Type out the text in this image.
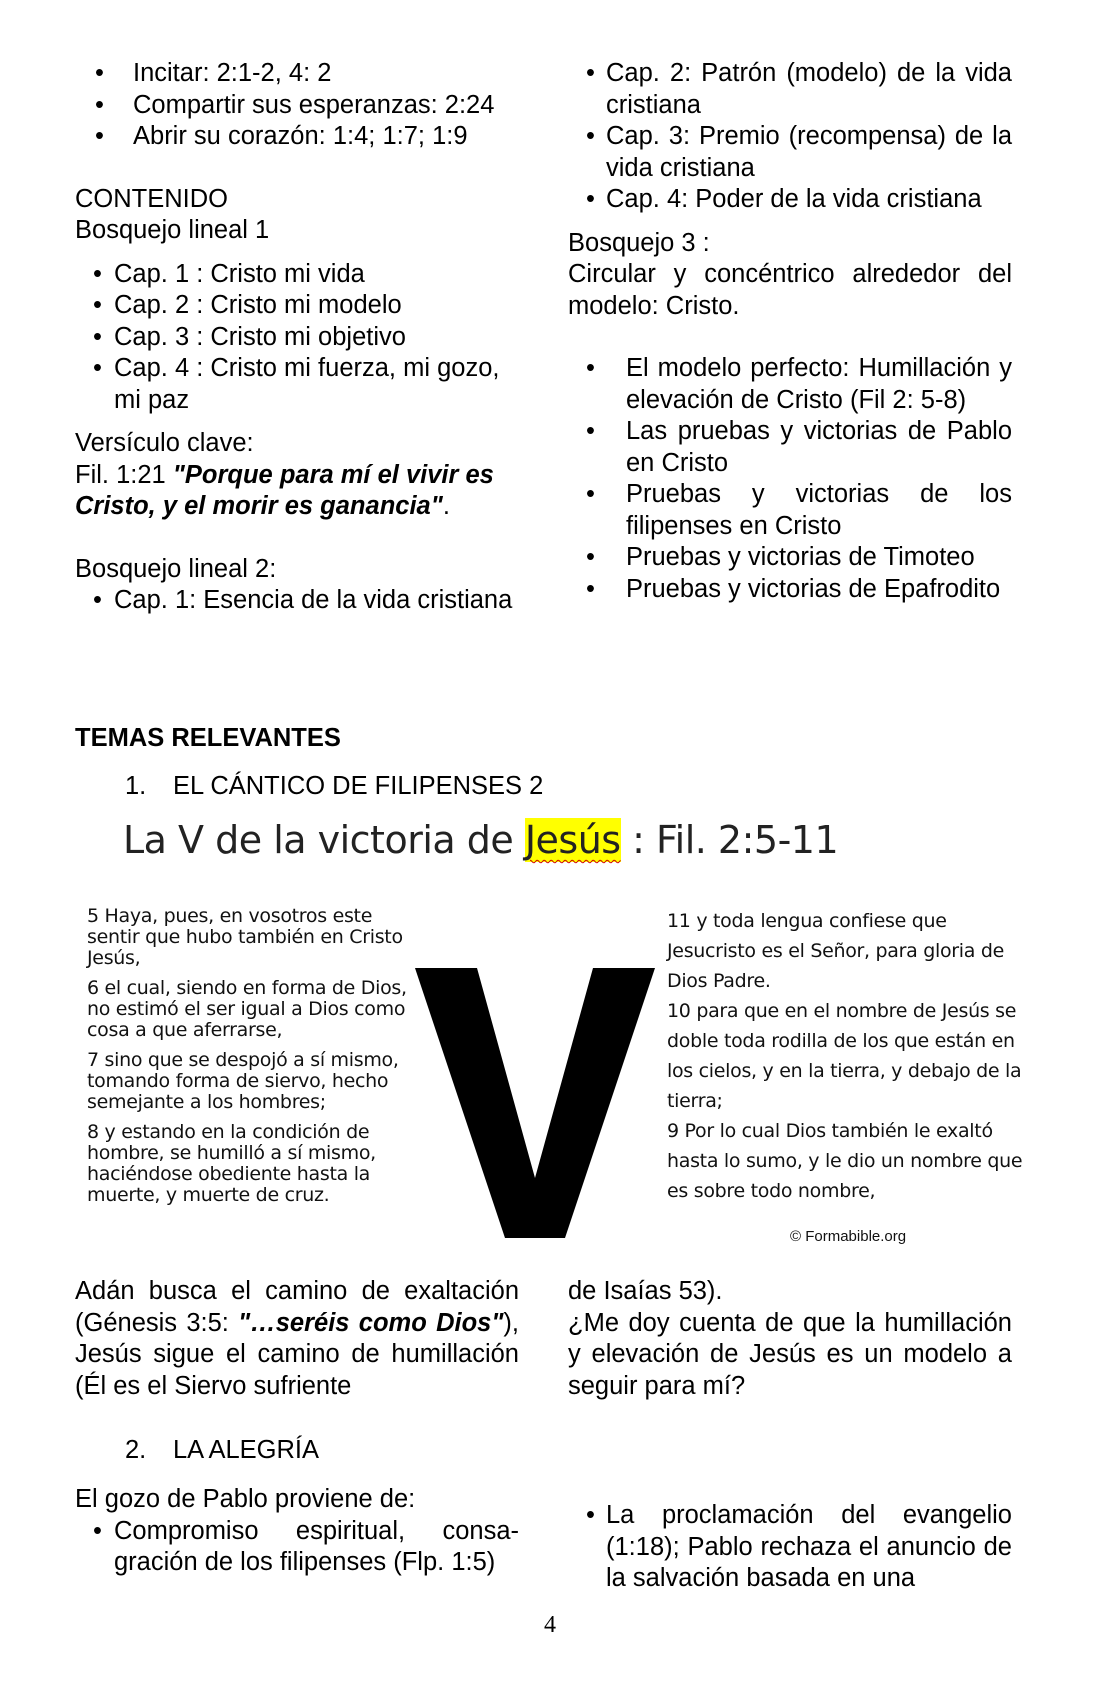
• Incitar: 2:1-2, 4: 2
• Compartir sus esperanzas: 2:24
• Abrir su corazón: 1:4; 1:7; 1:9

CONTENIDO

Bosquejo lineal 1

• Cap. 1 : Cristo mi vida
• Cap. 2 : Cristo mi modelo
• Cap. 3 : Cristo mi objetivo
• Cap. 4 : Cristo mi fuerza, mi gozo, mi paz

Versículo clave:

Fil. 1:21 "Porque para mí el vivir es Cristo, y el morir es ganancia".

Bosquejo lineal 2:

• Cap. 1: Esencia de la vida cristiana
• Cap. 2: Patrón (modelo) de la vida cristiana
• Cap. 3: Premio (recompensa) de la vida cristiana
• Cap. 4: Poder de la vida cristiana

Bosquejo 3 :

Circular y concéntrico alrededor del modelo: Cristo.

• El modelo perfecto: Humillación y elevación de Cristo (Fil 2: 5-8)
• Las pruebas y victorias de Pablo en Cristo
• Pruebas y victorias de los filipenses en Cristo
• Pruebas y victorias de Timoteo
• Pruebas y victorias de Epafrodito
TEMAS RELEVANTES
1. EL CÁNTICO DE FILIPENSES 2
La V de la victoria de Jesús : Fil. 2:5-11
5 Haya, pues, en vosotros este sentir que hubo también en Cristo Jesús,
6 el cual, siendo en forma de Dios, no estimó el ser igual a Dios como cosa a que aferrarse,
7 sino que se despojó a sí mismo, tomando forma de siervo, hecho semejante a los hombres;
8 y estando en la condición de hombre, se humilló a sí mismo, haciéndose obediente hasta la muerte, y muerte de cruz.
V
11 y toda lengua confiese que Jesucristo es el Señor, para gloria de Dios Padre.
10 para que en el nombre de Jesús se doble toda rodilla de los que están en los cielos, y en la tierra, y debajo de la tierra;
9 Por lo cual Dios también le exaltó hasta lo sumo, y le dio un nombre que es sobre todo nombre,
© Formabible.org
Adán busca el camino de exaltación (Génesis 3:5: "…seréis como Dios"), Jesús sigue el camino de humillación (Él es el Siervo sufriente

de Isaías 53).

¿Me doy cuenta de que la humillación y elevación de Jesús es un modelo a seguir para mí?

2. LA ALEGRÍA

El gozo de Pablo proviene de:

• Compromiso espiritual, consa-gración de los filipenses (Flp. 1:5)
• La proclamación del evangelio (1:18); Pablo rechaza el anuncio de la salvación basada en una
4
